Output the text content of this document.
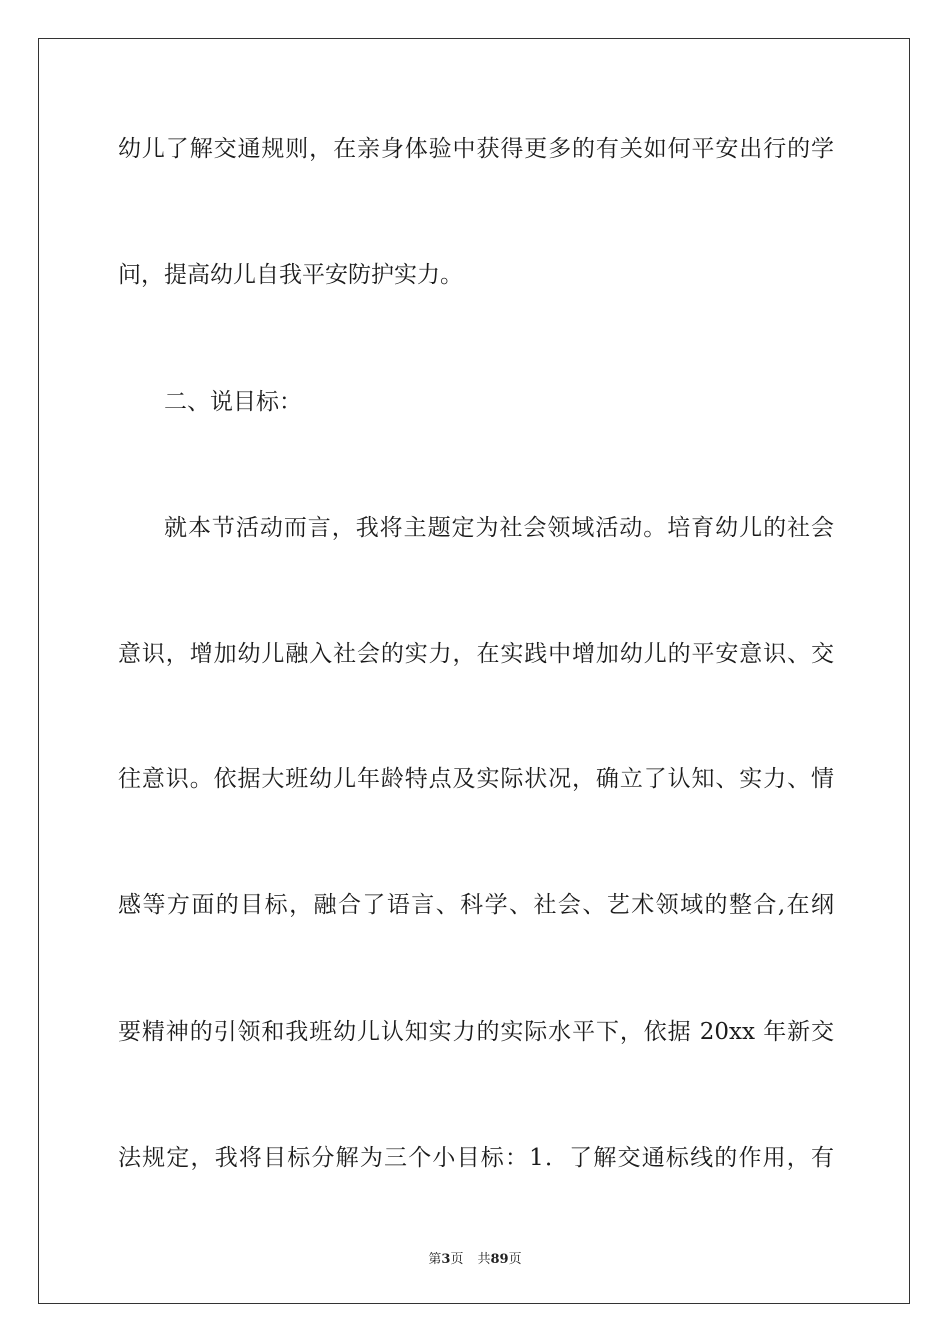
幼儿了解交通规则，在亲身体验中获得更多的有关如何平安出行的学
问，提高幼儿自我平安防护实力。
二、说目标：
就本节活动而言，我将主题定为社会领域活动。培育幼儿的社会
意识，增加幼儿融入社会的实力，在实践中增加幼儿的平安意识、交
往意识。依据大班幼儿年龄特点及实际状况，确立了认知、实力、情
感等方面的目标，融合了语言、科学、社会、艺术领域的整合,在纲
要精神的引领和我班幼儿认知实力的实际水平下，依据 20xx 年新交
法规定，我将目标分解为三个小目标：1．了解交通标线的作用，有
第3页 共89页
